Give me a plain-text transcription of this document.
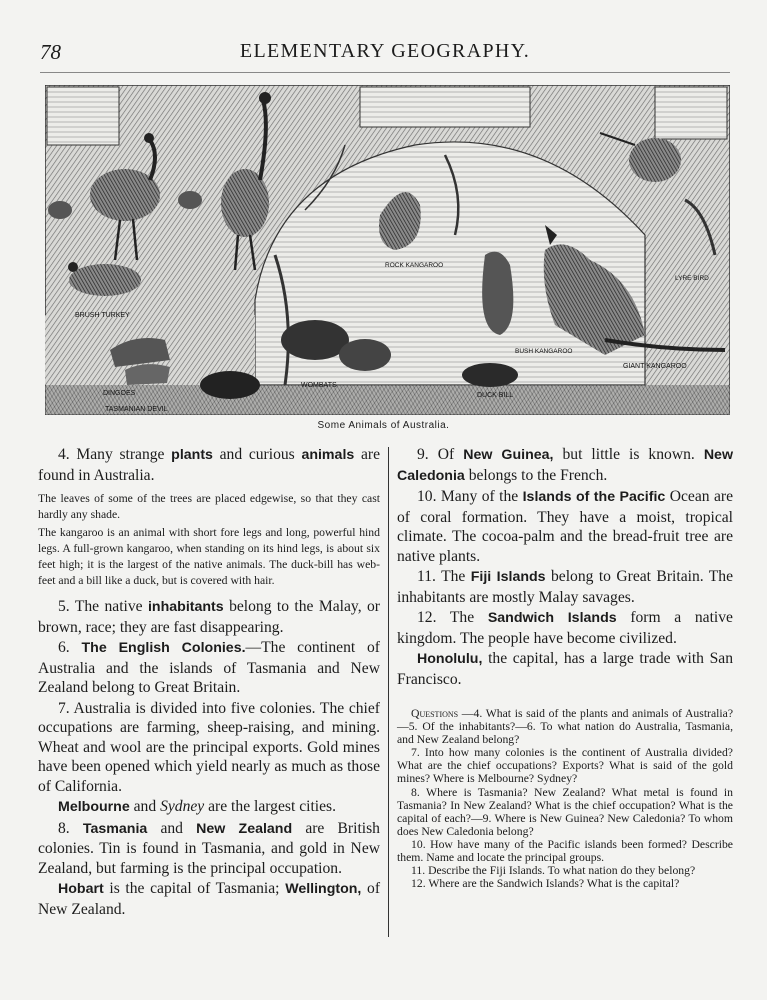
78	ELEMENTARY GEOGRAPHY.
BRUSH TURKEY
DINGOES
TASMANIAN DEVIL
WOMBATS
DUCK BILL
GIANT KANGAROO
BUSH KANGAROO
ROCK KANGAROO
LYRE BIRD
Some Animals of Australia.

4. Many strange plants and curious animals are found in Australia.

The leaves of some of the trees are placed edgewise, so that they cast hardly any shade.

The kangaroo is an animal with short fore legs and long, powerful hind legs. A full-grown kangaroo, when standing on its hind legs, is about six feet high; it is the largest of the native animals. The duck-bill has web-feet and a bill like a duck, but is covered with hair.

5. The native inhabitants belong to the Malay, or brown, race; they are fast disappearing.

6. The English Colonies.—The continent of Australia and the islands of Tasmania and New Zealand belong to Great Britain.

7. Australia is divided into five colonies. The chief occupations are farming, sheep-raising, and mining. Wheat and wool are the principal exports. Gold mines have been opened which yield nearly as much as those of California.

Melbourne and Sydney are the largest cities.

8. Tasmania and New Zealand are British colonies. Tin is found in Tasmania, and gold in New Zealand, but farming is the principal occupation.

Hobart is the capital of Tasmania; Wellington, of New Zealand.

9. Of New Guinea, but little is known. New Caledonia belongs to the French.

10. Many of the Islands of the Pacific Ocean are of coral formation. They have a moist, tropical climate. The cocoa-palm and the bread-fruit tree are native plants.

11. The Fiji Islands belong to Great Britain. The inhabitants are mostly Malay savages.

12. The Sandwich Islands form a native kingdom. The people have become civilized.

Honolulu, the capital, has a large trade with San Francisco.

Questions —4. What is said of the plants and animals of Australia?—5. Of the inhabitants?—6. To what nation do Australia, Tasmania, and New Zealand belong?

7. Into how many colonies is the continent of Australia divided? What are the chief occupations? Exports? What is said of the gold mines? Where is Melbourne? Sydney?

8. Where is Tasmania? New Zealand? What metal is found in Tasmania? In New Zealand? What is the chief occupation? What is the capital of each?—9. Where is New Guinea? New Caledonia? To whom does New Caledonia belong?

10. How have many of the Pacific islands been formed? Describe them. Name and locate the principal groups.

11. Describe the Fiji Islands. To what nation do they belong?

12. Where are the Sandwich Islands? What is the capital?
